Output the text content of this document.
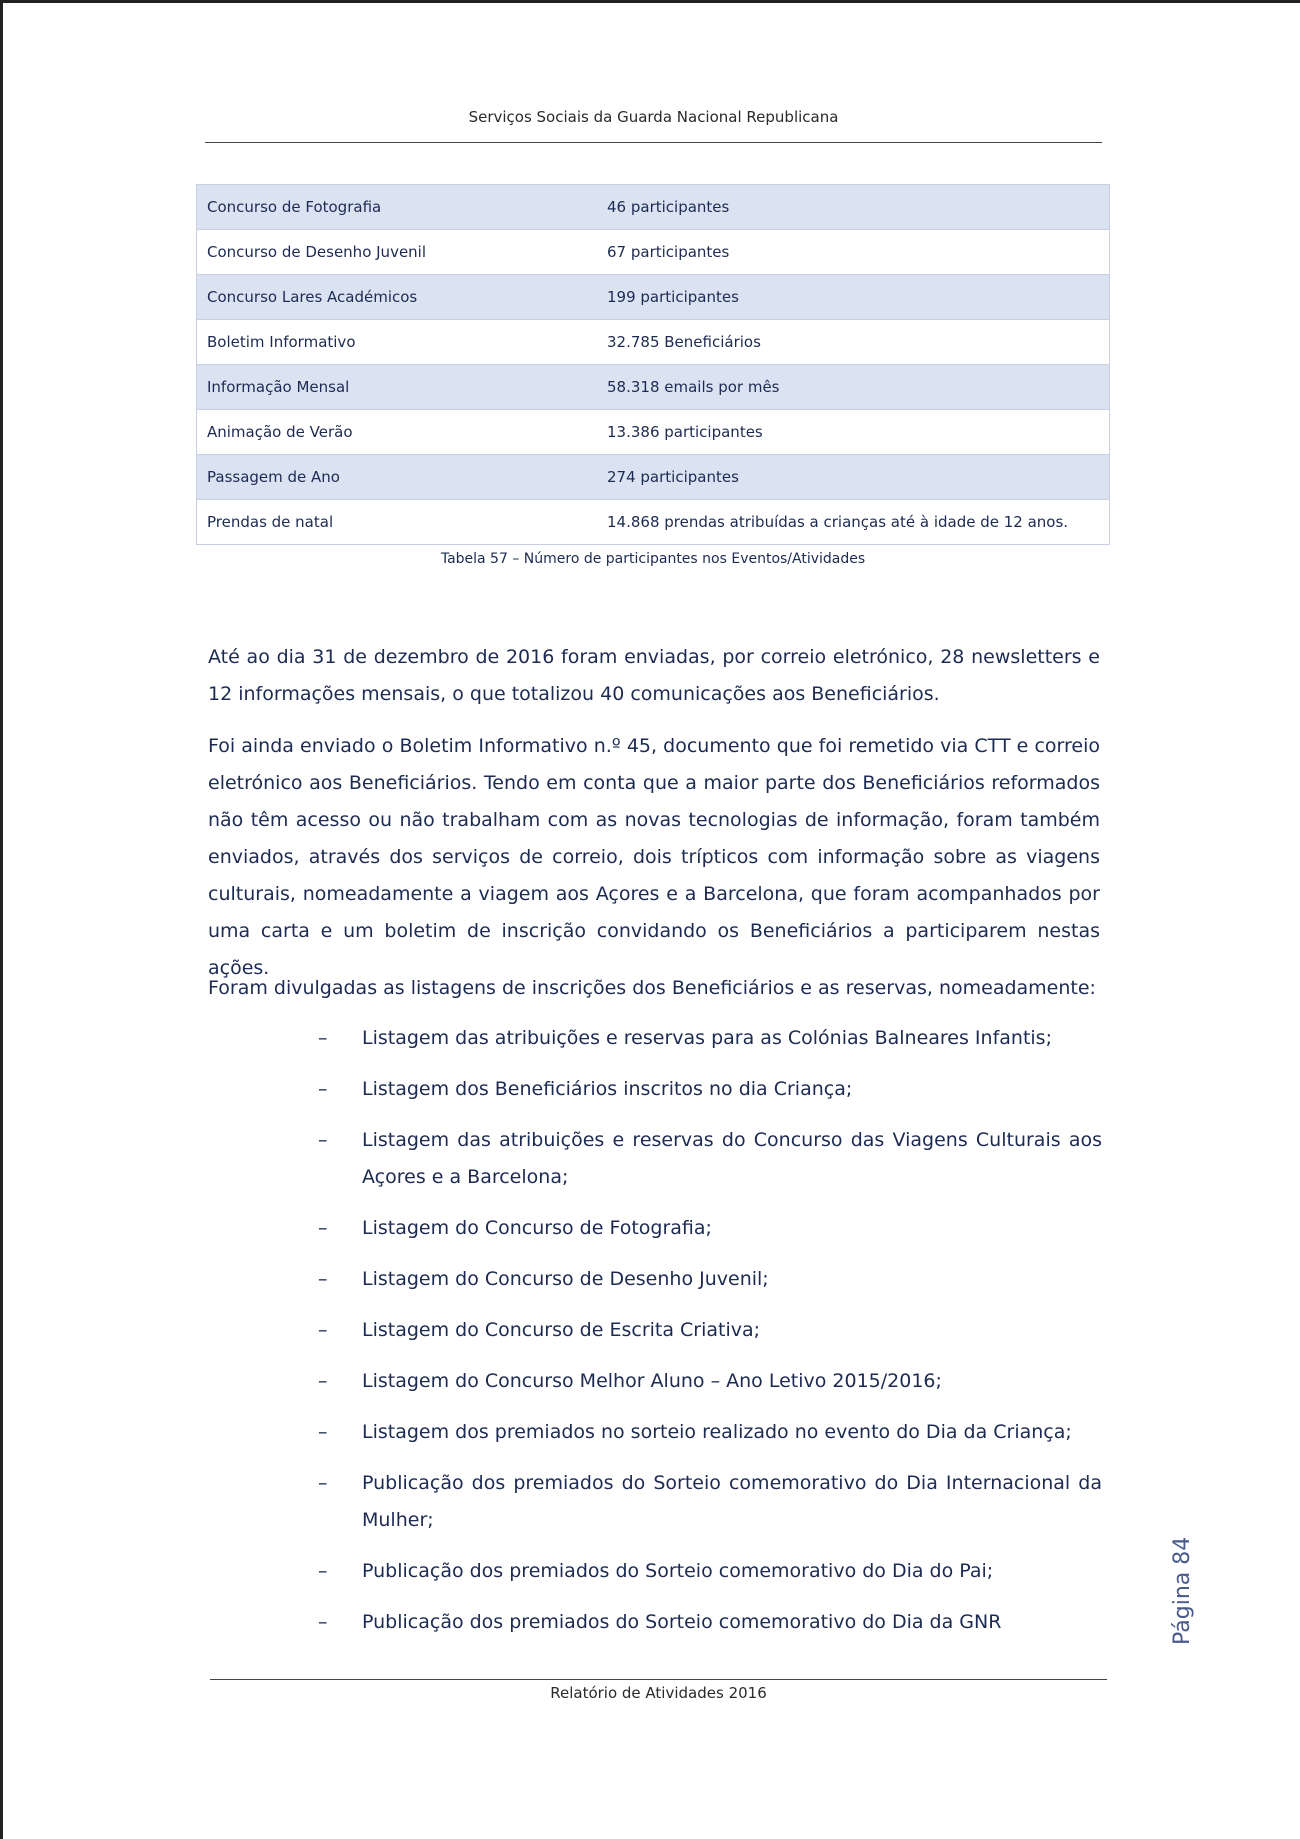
Serviços Sociais da Guarda Nacional Republicana
Concurso de Fotografia	46 participantes
Concurso de Desenho Juvenil	67 participantes
Concurso Lares Académicos	199 participantes
Boletim Informativo	32.785 Beneficiários
Informação Mensal	58.318 emails por mês
Animação de Verão	13.386 participantes
Passagem de Ano	274 participantes
Prendas de natal	14.868 prendas atribuídas a crianças até à idade de 12 anos.
Tabela 57 – Número de participantes nos Eventos/Atividades

Até ao dia 31 de dezembro de 2016 foram enviadas, por correio eletrónico, 28 newsletters e 12 informações mensais, o que totalizou 40 comunicações aos Beneficiários.

Foi ainda enviado o Boletim Informativo n.º 45, documento que foi remetido via CTT e correio eletrónico aos Beneficiários. Tendo em conta que a maior parte dos Beneficiários reformados não têm acesso ou não trabalham com as novas tecnologias de informação, foram também enviados, através dos serviços de correio, dois trípticos com informação sobre as viagens culturais, nomeadamente a viagem aos Açores e a Barcelona, que foram acompanhados por uma carta e um boletim de inscrição convidando os Beneficiários a participarem nestas ações.

Foram divulgadas as listagens de inscrições dos Beneficiários e as reservas, nomeadamente:

– Listagem das atribuições e reservas para as Colónias Balneares Infantis;
– Listagem dos Beneficiários inscritos no dia Criança;
– Listagem das atribuições e reservas do Concurso das Viagens Culturais aos Açores e a Barcelona;
– Listagem do Concurso de Fotografia;
– Listagem do Concurso de Desenho Juvenil;
– Listagem do Concurso de Escrita Criativa;
– Listagem do Concurso Melhor Aluno – Ano Letivo 2015/2016;
– Listagem dos premiados no sorteio realizado no evento do Dia da Criança;
– Publicação dos premiados do Sorteio comemorativo do Dia Internacional da Mulher;
– Publicação dos premiados do Sorteio comemorativo do Dia do Pai;
– Publicação dos premiados do Sorteio comemorativo do Dia da GNR	Página 84
Relatório de Atividades 2016
